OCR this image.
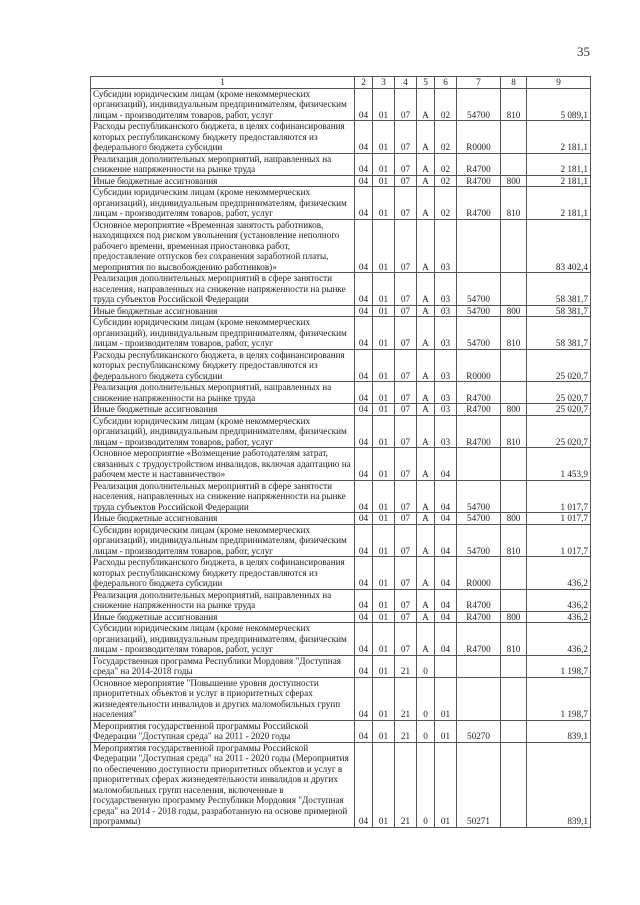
35
1	2	3	4	5	6	7	8	9
Субсидии юридическим лицам (кроме некоммерческих организаций), индивидуальным предпринимателям, физическим лицам - производителям товаров, работ, услуг	04	01	07	А	02	54700	810	5 089,1
Расходы республиканского бюджета, в целях софинансирования которых республиканскому бюджету предоставляются из федерального бюджета субсидии	04	01	07	А	02	R0000		2 181,1
Реализация дополнительных мероприятий, направленных на снижение напряженности на рынке труда	04	01	07	А	02	R4700		2 181,1
Иные бюджетные ассигнования	04	01	07	А	02	R4700	800	2 181,1
Субсидии юридическим лицам (кроме некоммерческих организаций), индивидуальным предпринимателям, физическим лицам - производителям товаров, работ, услуг	04	01	07	А	02	R4700	810	2 181,1
Основное мероприятие «Временная занятость работников, находящихся под риском увольнения (установление неполного рабочего времени, временная приостановка работ, предоставление отпусков без сохранения заработной платы, мероприятия по высвобождению работников)»	04	01	07	А	03			83 402,4
Реализация дополнительных мероприятий в сфере занятости населения, направленных на снижение напряженности на рынке труда субъектов Российской Федерации	04	01	07	А	03	54700		58 381,7
Иные бюджетные ассигнования	04	01	07	А	03	54700	800	58 381,7
Субсидии юридическим лицам (кроме некоммерческих организаций), индивидуальным предпринимателям, физическим лицам - производителям товаров, работ, услуг	04	01	07	А	03	54700	810	58 381,7
Расходы республиканского бюджета, в целях софинансирования которых республиканскому бюджету предоставляются из федерального бюджета субсидии	04	01	07	А	03	R0000		25 020,7
Реализация дополнительных мероприятий, направленных на снижение напряженности на рынке труда	04	01	07	А	03	R4700		25 020,7
Иные бюджетные ассигнования	04	01	07	А	03	R4700	800	25 020,7
Субсидии юридическим лицам (кроме некоммерческих организаций), индивидуальным предпринимателям, физическим лицам - производителям товаров, работ, услуг	04	01	07	А	03	R4700	810	25 020,7
Основное мероприятие «Возмещение работодателям затрат, связанных с трудоустройством инвалидов, включая адаптацию на рабочем месте и наставничество»	04	01	07	А	04			1 453,9
Реализация дополнительных мероприятий в сфере занятости населения, направленных на снижение напряженности на рынке труда субъектов Российской Федерации	04	01	07	А	04	54700		1 017,7
Иные бюджетные ассигнования	04	01	07	А	04	54700	800	1 017,7
Субсидии юридическим лицам (кроме некоммерческих организаций), индивидуальным предпринимателям, физическим лицам - производителям товаров, работ, услуг	04	01	07	А	04	54700	810	1 017,7
Расходы республиканского бюджета, в целях софинансирования которых республиканскому бюджету предоставляются из федерального бюджета субсидии	04	01	07	А	04	R0000		436,2
Реализация дополнительных мероприятий, направленных на снижение напряженности на рынке труда	04	01	07	А	04	R4700		436,2
Иные бюджетные ассигнования	04	01	07	А	04	R4700	800	436,2
Субсидии юридическим лицам (кроме некоммерческих организаций), индивидуальным предпринимателям, физическим лицам - производителям товаров, работ, услуг	04	01	07	А	04	R4700	810	436,2
Государственная программа Республики Мордовия "Доступная среда" на 2014-2018 годы	04	01	21	0				1 198,7
Основное мероприятие "Повышение уровня доступности приоритетных объектов и услуг в приоритетных сферах жизнедеятельности инвалидов и других маломобильных групп населения"	04	01	21	0	01			1 198,7
Мероприятия государственной программы Российской Федерации "Доступная среда" на 2011 - 2020 годы	04	01	21	0	01	50270		839,1
Мероприятия государственной программы Российской Федерации "Доступная среда" на 2011 - 2020 годы (Мероприятия по обеспечению доступности приоритетных объектов и услуг в приоритетных сферах жизнедеятельности инвалидов и других маломобильных групп населения, включенные в государственную программу Республики Мордовия "Доступная среда" на 2014 - 2018 годы, разработанную на основе примерной программы)	04	01	21	0	01	50271		839,1
